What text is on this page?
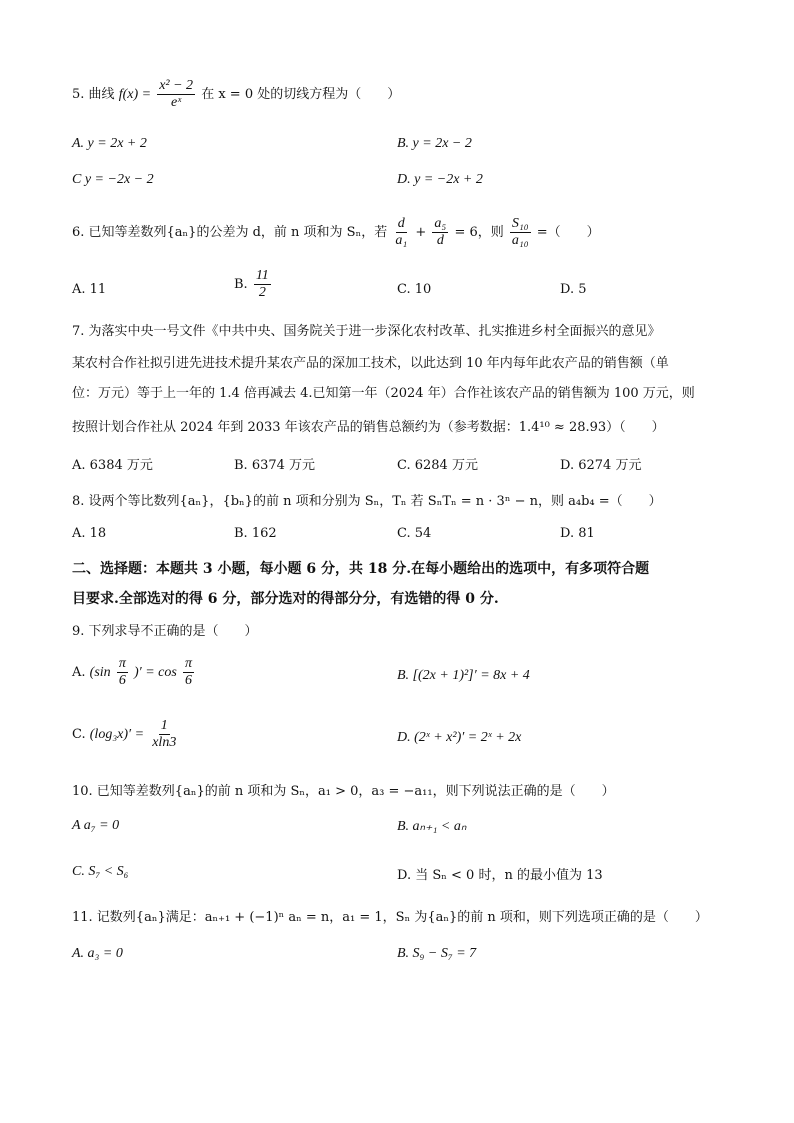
5. 曲线 $f(x) = \frac{\text{x² − 2}}{\text{eˣ}}$ 在 x = 0 处的切线方程为（　　）
A. y = 2x + 2	B. y = 2x − 2
C y = −2x − 2	D. y = −2x + 2
6. 已知等差数列{aₙ}的公差为 d，前 n 项和为 Sₙ，若 $\frac{d}{\text{a₁}} + \frac{\text{a₅}}{d} = 6$，则 $\frac{\text{S₁₀}}{\text{a₁₀}}$ =（　　）
A. 11	B. $\frac{11}{2}$	C. 10	D. 5
7. 为落实中央一号文件《中共中央、国务院关于进一步深化农村改革、扎实推进乡村全面振兴的意见》
某农村合作社拟引进先进技术提升某农产品的深加工技术，以此达到 10 年内每年此农产品的销售额（单
位：万元）等于上一年的 1.4 倍再减去 4.已知第一年（2024 年）合作社该农产品的销售额为 100 万元，则
按照计划合作社从 2024 年到 2033 年该农产品的销售总额约为（参考数据：1.4¹⁰ ≈ 28.93）（　　）
A. 6384 万元	B. 6374 万元	C. 6284 万元	D. 6274 万元
8. 设两个等比数列{aₙ}，{bₙ}的前 n 项和分别为 Sₙ，Tₙ 若 SₙTₙ = n · 3ⁿ − n，则 a₄b₄ =（　　）
A. 18	B. 162	C. 54	D. 81
二、选择题：本题共 3 小题，每小题 6 分，共 18 分.在每小题给出的选项中，有多项符合题
目要求.全部选对的得 6 分，部分选对的得部分分，有选错的得 0 分.
9. 下列求导不正确的是（　　）
A. ($\sin \frac{\pi}{6}$ )′ = $\cos \frac{\pi}{6}$	B. [(2x + 1)²]′ = 8x + 4
C. $(\log_3x)' = \frac{1}{xln3}$	D. (2ˣ + x²)′ = 2ˣ + 2x
10. 已知等差数列{aₙ}的前 n 项和为 Sₙ，a₁ > 0，a₃ = −a₁₁，则下列说法正确的是（　　）
A a₇ = 0	B. aₙ₊₁ < aₙ
C. S₇ < S₆	D. 当 Sₙ < 0 时，n 的最小值为 13
11. 记数列{aₙ}满足：aₙ₊₁ + (−1)ⁿ aₙ = n，a₁ = 1，Sₙ 为{aₙ}的前 n 项和，则下列选项正确的是（　　）
A. a₃ = 0	B. S₉ − S₇ = 7
